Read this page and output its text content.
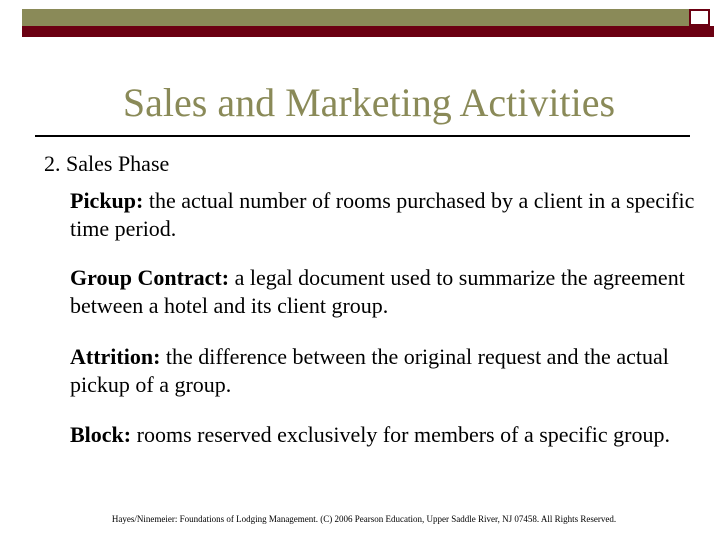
Sales and Marketing Activities
2. Sales Phase
Pickup: the actual number of rooms purchased by a client in a specific time period.
Group Contract: a legal document used to summarize the agreement between a hotel and its client group.
Attrition: the difference between the original request and the actual pickup of a group.
Block: rooms reserved exclusively for members of a specific group.
Hayes/Ninemeier: Foundations of Lodging Management. (C) 2006 Pearson Education, Upper Saddle River, NJ 07458. All Rights Reserved.
